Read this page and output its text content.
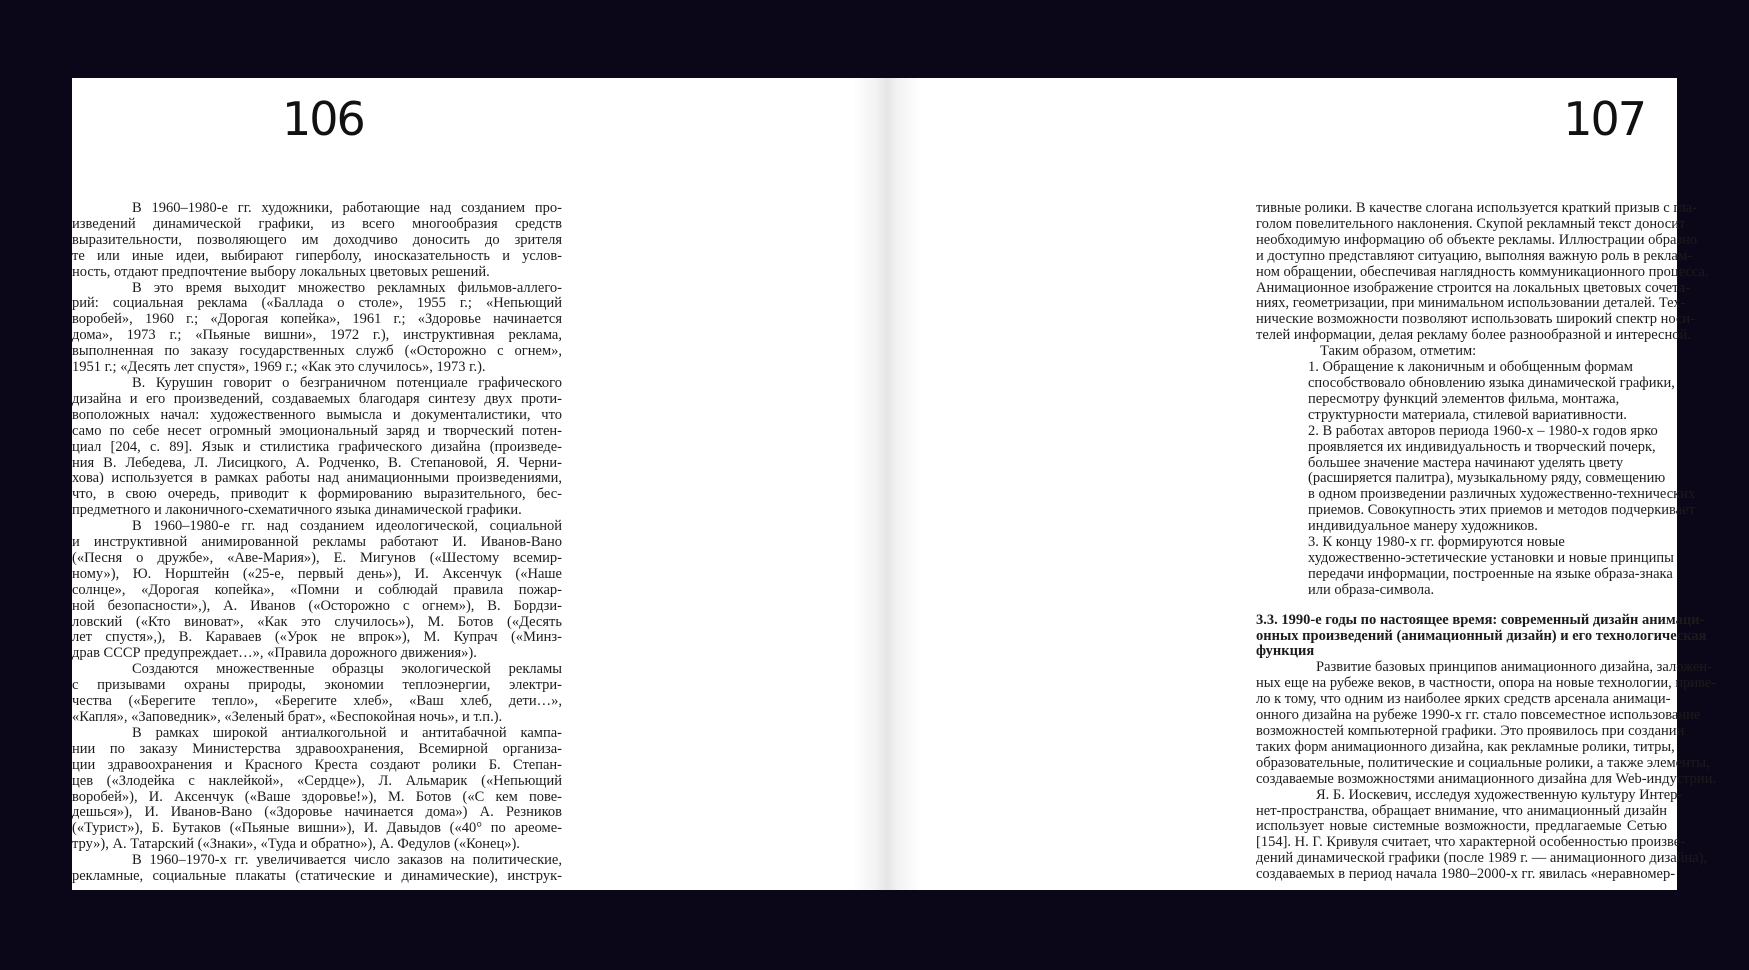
106
В 1960–1980-е гг. художники, работающие над созданием про-
изведений динамической графики, из всего многообразия средств
выразительности, позволяющего им доходчиво доносить до зрителя
те или иные идеи, выбирают гиперболу, иносказательность и услов-
ность, отдают предпочтение выбору локальных цветовых решений.
В это время выходит множество рекламных фильмов-аллего-
рий: социальная реклама («Баллада о столе», 1955 г.; «Непьющий
воробей», 1960 г.; «Дорогая копейка», 1961 г.; «Здоровье начинается
дома», 1973 г.; «Пьяные вишни», 1972 г.), инструктивная реклама,
выполненная по заказу государственных служб («Осторожно с огнем»,
1951 г.; «Десять лет спустя», 1969 г.; «Как это случилось», 1973 г.).
В. Курушин говорит о безграничном потенциале графического
дизайна и его произведений, создаваемых благодаря синтезу двух проти-
воположных начал: художественного вымысла и документалистики, что
само по себе несет огромный эмоциональный заряд и творческий потен-
циал [204, с. 89]. Язык и стилистика графического дизайна (произведе-
ния В. Лебедева, Л. Лисицкого, А. Родченко, В. Степановой, Я. Черни-
хова) используется в рамках работы над анимационными произведениями,
что, в свою очередь, приводит к формированию выразительного, бес-
предметного и лаконичного-схематичного языка динамической графики.
В 1960–1980-е гг. над созданием идеологической, социальной
и инструктивной анимированной рекламы работают И. Иванов-Вано
(«Песня о дружбе», «Аве-Мария»), Е. Мигунов («Шестому всемир-
ному»), Ю. Норштейн («25-е, первый день»), И. Аксенчук («Наше
солнце», «Дорогая копейка», «Помни и соблюдай правила пожар-
ной безопасности»,), А. Иванов («Осторожно с огнем»), В. Бордзи-
ловский («Кто виноват», «Как это случилось»), М. Ботов («Десять
лет спустя»,), В. Караваев («Урок не впрок»), М. Купрач («Минз-
драв СССР предупреждает…», «Правила дорожного движения»).
Создаются множественные образцы экологической рекламы
с призывами охраны природы, экономии теплоэнергии, электри-
чества («Берегите тепло», «Берегите хлеб», «Ваш хлеб, дети…»,
«Капля», «Заповедник», «Зеленый брат», «Беспокойная ночь», и т.п.).
В рамках широкой антиалкогольной и антитабачной кампа-
нии по заказу Министерства здравоохранения, Всемирной организа-
ции здравоохранения и Красного Креста создают ролики Б. Степан-
цев («Злодейка с наклейкой», «Сердце»), Л. Альмарик («Непьющий
воробей»), И. Аксенчук («Ваше здоровье!»), М. Ботов («С кем пове-
дешься»), И. Иванов-Вано («Здоровье начинается дома») А. Резников
(«Турист»), Б. Бутаков («Пьяные вишни»), И. Давыдов («40° по ареоме-
тру»), А. Татарский («Знаки», «Туда и обратно»), А. Федулов («Конец»).
В 1960–1970-х гг. увеличивается число заказов на политические,
рекламные, социальные плакаты (статические и динамические), инструк-
107
тивные ролики. В качестве слогана используется краткий призыв с гла-
голом повелительного наклонения. Скупой рекламный текст доносит
необходимую информацию об объекте рекламы. Иллюстрации образно
и доступно представляют ситуацию, выполняя важную роль в реклам-
ном обращении, обеспечивая наглядность коммуникационного процесса.
Анимационное изображение строится на локальных цветовых сочета-
ниях, геометризации, при минимальном использовании деталей. Тех-
нические возможности позволяют использовать широкий спектр носи-
телей информации, делая рекламу более разнообразной и интересной.
Таким образом, отметим:
1. Обращение к лаконичным и обобщенным формам
способствовало обновлению языка динамической графики,
пересмотру функций элементов фильма, монтажа,
структурности материала, стилевой вариативности.
2. В работах авторов периода 1960-х – 1980-х годов ярко
проявляется их индивидуальность и творческий почерк,
большее значение мастера начинают уделять цвету
(расширяется палитра), музыкальному ряду, совмещению
в одном произведении различных художественно-технических
приемов. Совокупность этих приемов и методов подчеркивает
индивидуальное манеру художников.
3. К концу 1980-х гг. формируются новые
художественно-эстетические установки и новые принципы
передачи информации, построенные на языке образа-знака
или образа-символа.
3.3. 1990-е годы по настоящее время: современный дизайн анимаци-
онных произведений (анимационный дизайн) и его технологическая
функция
Развитие базовых принципов анимационного дизайна, заложен-
ных еще на рубеже веков, в частности, опора на новые технологии, приве-
ло к тому, что одним из наиболее ярких средств арсенала анимаци-
онного дизайна на рубеже 1990-х гг. стало повсеместное использование
возможностей компьютерной графики. Это проявилось при создании
таких форм анимационного дизайна, как рекламные ролики, титры,
образовательные, политические и социальные ролики, а также элементы,
создаваемые возможностями анимационного дизайна для Web-индустрии.
Я. Б. Иоскевич, исследуя художественную культуру Интер-
нет-пространства, обращает внимание, что анимационный дизайн
использует новые системные возможности, предлагаемые Сетью
[154]. Н. Г. Кривуля считает, что характерной особенностью произве-
дений динамической графики (после 1989 г. — анимационного дизайна),
создаваемых в период начала 1980–2000-х гг. явилась «неравномер-
